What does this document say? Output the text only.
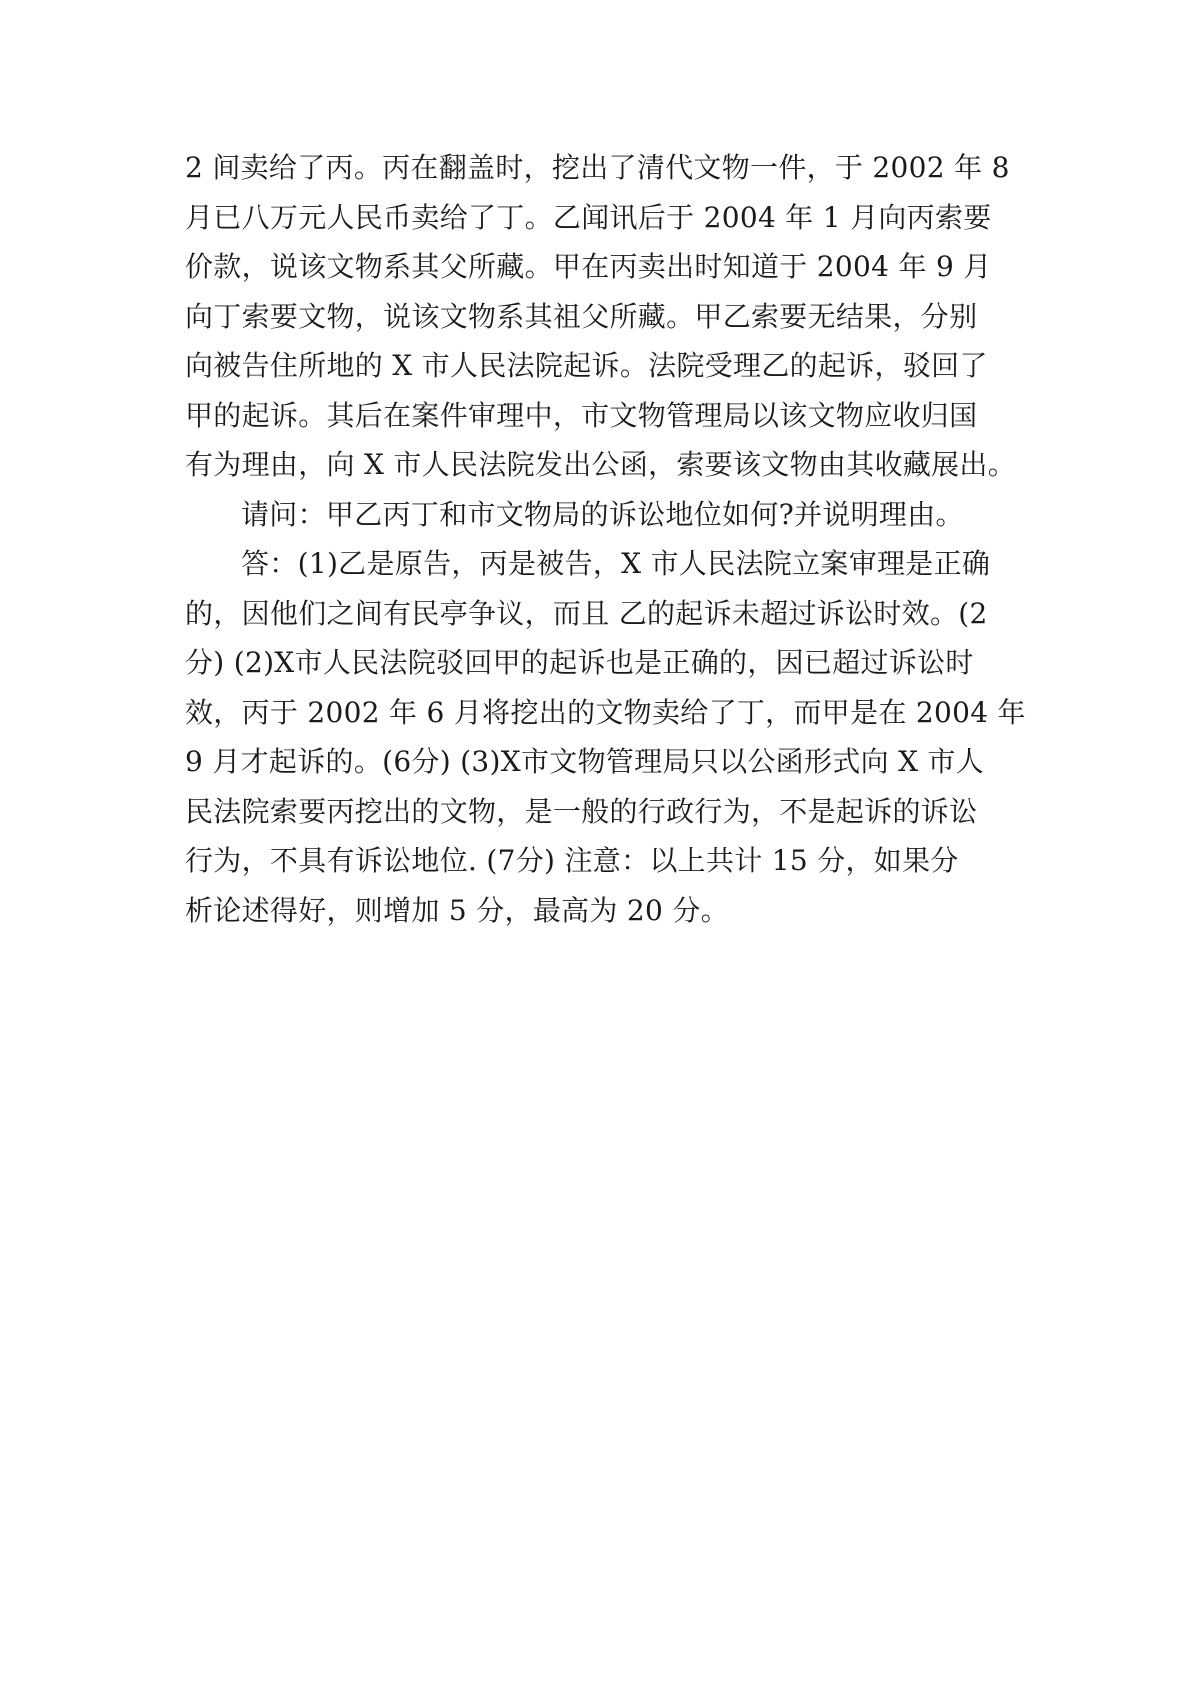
2 间卖给了丙。丙在翻盖时，挖出了清代文物一件，于 2002 年 8
月已八万元人民币卖给了丁。乙闻讯后于 2004 年 1 月向丙索要
价款，说该文物系其父所藏。甲在丙卖出时知道于 2004 年 9 月
向丁索要文物，说该文物系其祖父所藏。甲乙索要无结果，分别
向被告住所地的 X 市人民法院起诉。法院受理乙的起诉，驳回了
甲的起诉。其后在案件审理中，市文物管理局以该文物应收归国
有为理由，向 X 市人民法院发出公函，索要该文物由其收藏展出。
请问：甲乙丙丁和市文物局的诉讼地位如何?并说明理由。
答：(1)乙是原告，丙是被告，X 市人民法院立案审理是正确
的，因他们之间有民亭争议，而且 乙的起诉未超过诉讼时效。(2
分) (2)X市人民法院驳回甲的起诉也是正确的，因已超过诉讼时
效，丙于 2002 年 6 月将挖出的文物卖给了丁，而甲是在 2004 年
9 月才起诉的。(6分) (3)X市文物管理局只以公函形式向 X 市人
民法院索要丙挖出的文物，是一般的行政行为，不是起诉的诉讼
行为，不具有诉讼地位. (7分) 注意：以上共计 15 分，如果分
析论述得好，则增加 5 分，最高为 20 分。
